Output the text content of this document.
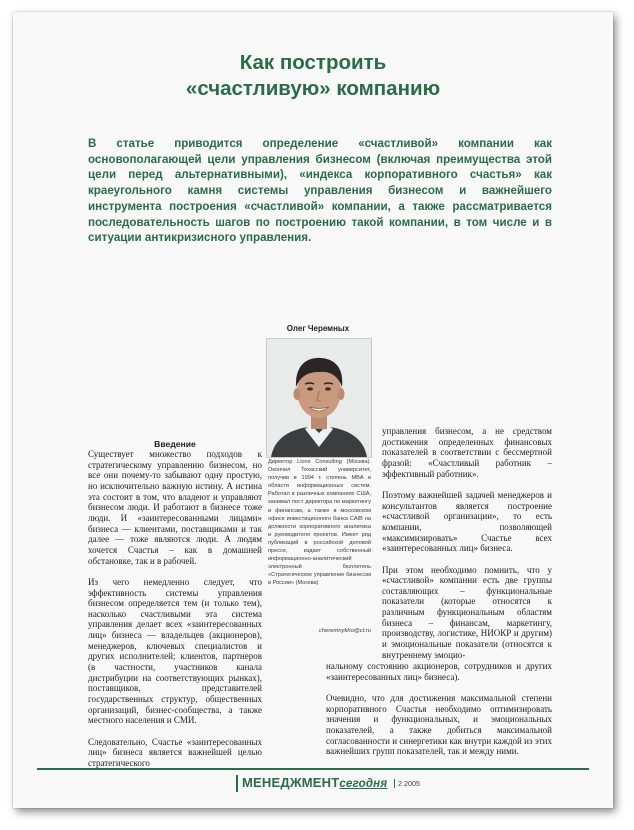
Как построить
«счастливую» компанию
В статье приводится определение «счастливой» компании как основополагающей цели управления бизнесом (включая преимущества этой цели перед альтернативными), «индекса корпоративного счастья» как краеугольного камня системы управления бизнесом и важнейшего инструмента построения «счастливой» компании, а также рассматривается последовательность шагов по построению такой компании, в том числе и в ситуации антикризисного управления.
Олег Черемных
Директор Lions Consulting (Москва). Окончил Техасский университет, получив в 1994 г. степень MBA в области информационных систем. Работал в различных компаниях США, занимал пост директора по маркетингу и финансам, а также в московском офисе инвестиционного банка CAIB на должности корпоративного аналитика и руководителя проектов. Имеет ряд публикаций в российской деловой прессе, издает собственный информационно-аналитический электронный бюллетень «Стратегическое управление бизнесом в России» (Москва)
cheremnykho@ct.ru
Введение

Существует множество подходов к стратегическому управлению бизнесом, но все они почему-то забывают одну простую, но исключительно важную истину. А истина эта состоит в том, что владеют и управляют бизнесом люди. И работают в бизнесе тоже люди. И «заинтересованными лицами» бизнеса — клиентами, поставщиками и так далее — тоже являются люди. А людям хочется Счастья – как в домашней обстановке, так и в рабочей.

Из чего немедленно следует, что эффективность системы управления бизнесом определяется тем (и только тем), насколько счастливыми эта система управления делает всех «заинтересованных лиц» бизнеса — владельцев (акционеров), менеджеров, ключевых специалистов и других исполнителей; клиентов, партнеров (в частности, участников канала дистрибуции на соответствующих рынках), поставщиков, представителей государственных структур, общественных организаций, бизнес-сообщества, а также местного населения и СМИ.

Следовательно, Счастье «заинтересованных лиц» бизнеса является важнейшей целью стратегического

управления бизнесом, а не средством достижения определенных финансовых показателей в соответствии с бессмертной фразой: «Счастливый работник – эффективный работник».

Поэтому важнейшей задачей менеджеров и консультантов является построение «счастливой организации», то есть компании, позволяющей «максимизировать» Счастье всех «заинтересованных лиц» бизнеса.

При этом необходимо помнить, что у «счастливой» компании есть две группы составляющих – функциональные показатели (которые относятся к различным функциональным областям бизнеса – финансам, маркетингу, производству, логистике, НИОКР и другим) и эмоциональные показатели (относятся к внутреннему эмоцио-

нальному состоянию акционеров, сотрудников и других «заинтересованных лиц» бизнеса).

Очевидно, что для достижения максимальной степени корпоративного Счастья необходимо оптимизировать значения и функциональных, и эмоциональных показателей, а также добиться максимальной согласованности и синергетики как внутри каждой из этих важнейших групп показателей, так и между ними.

МЕНЕДЖМЕНТсегодня	2 2005
